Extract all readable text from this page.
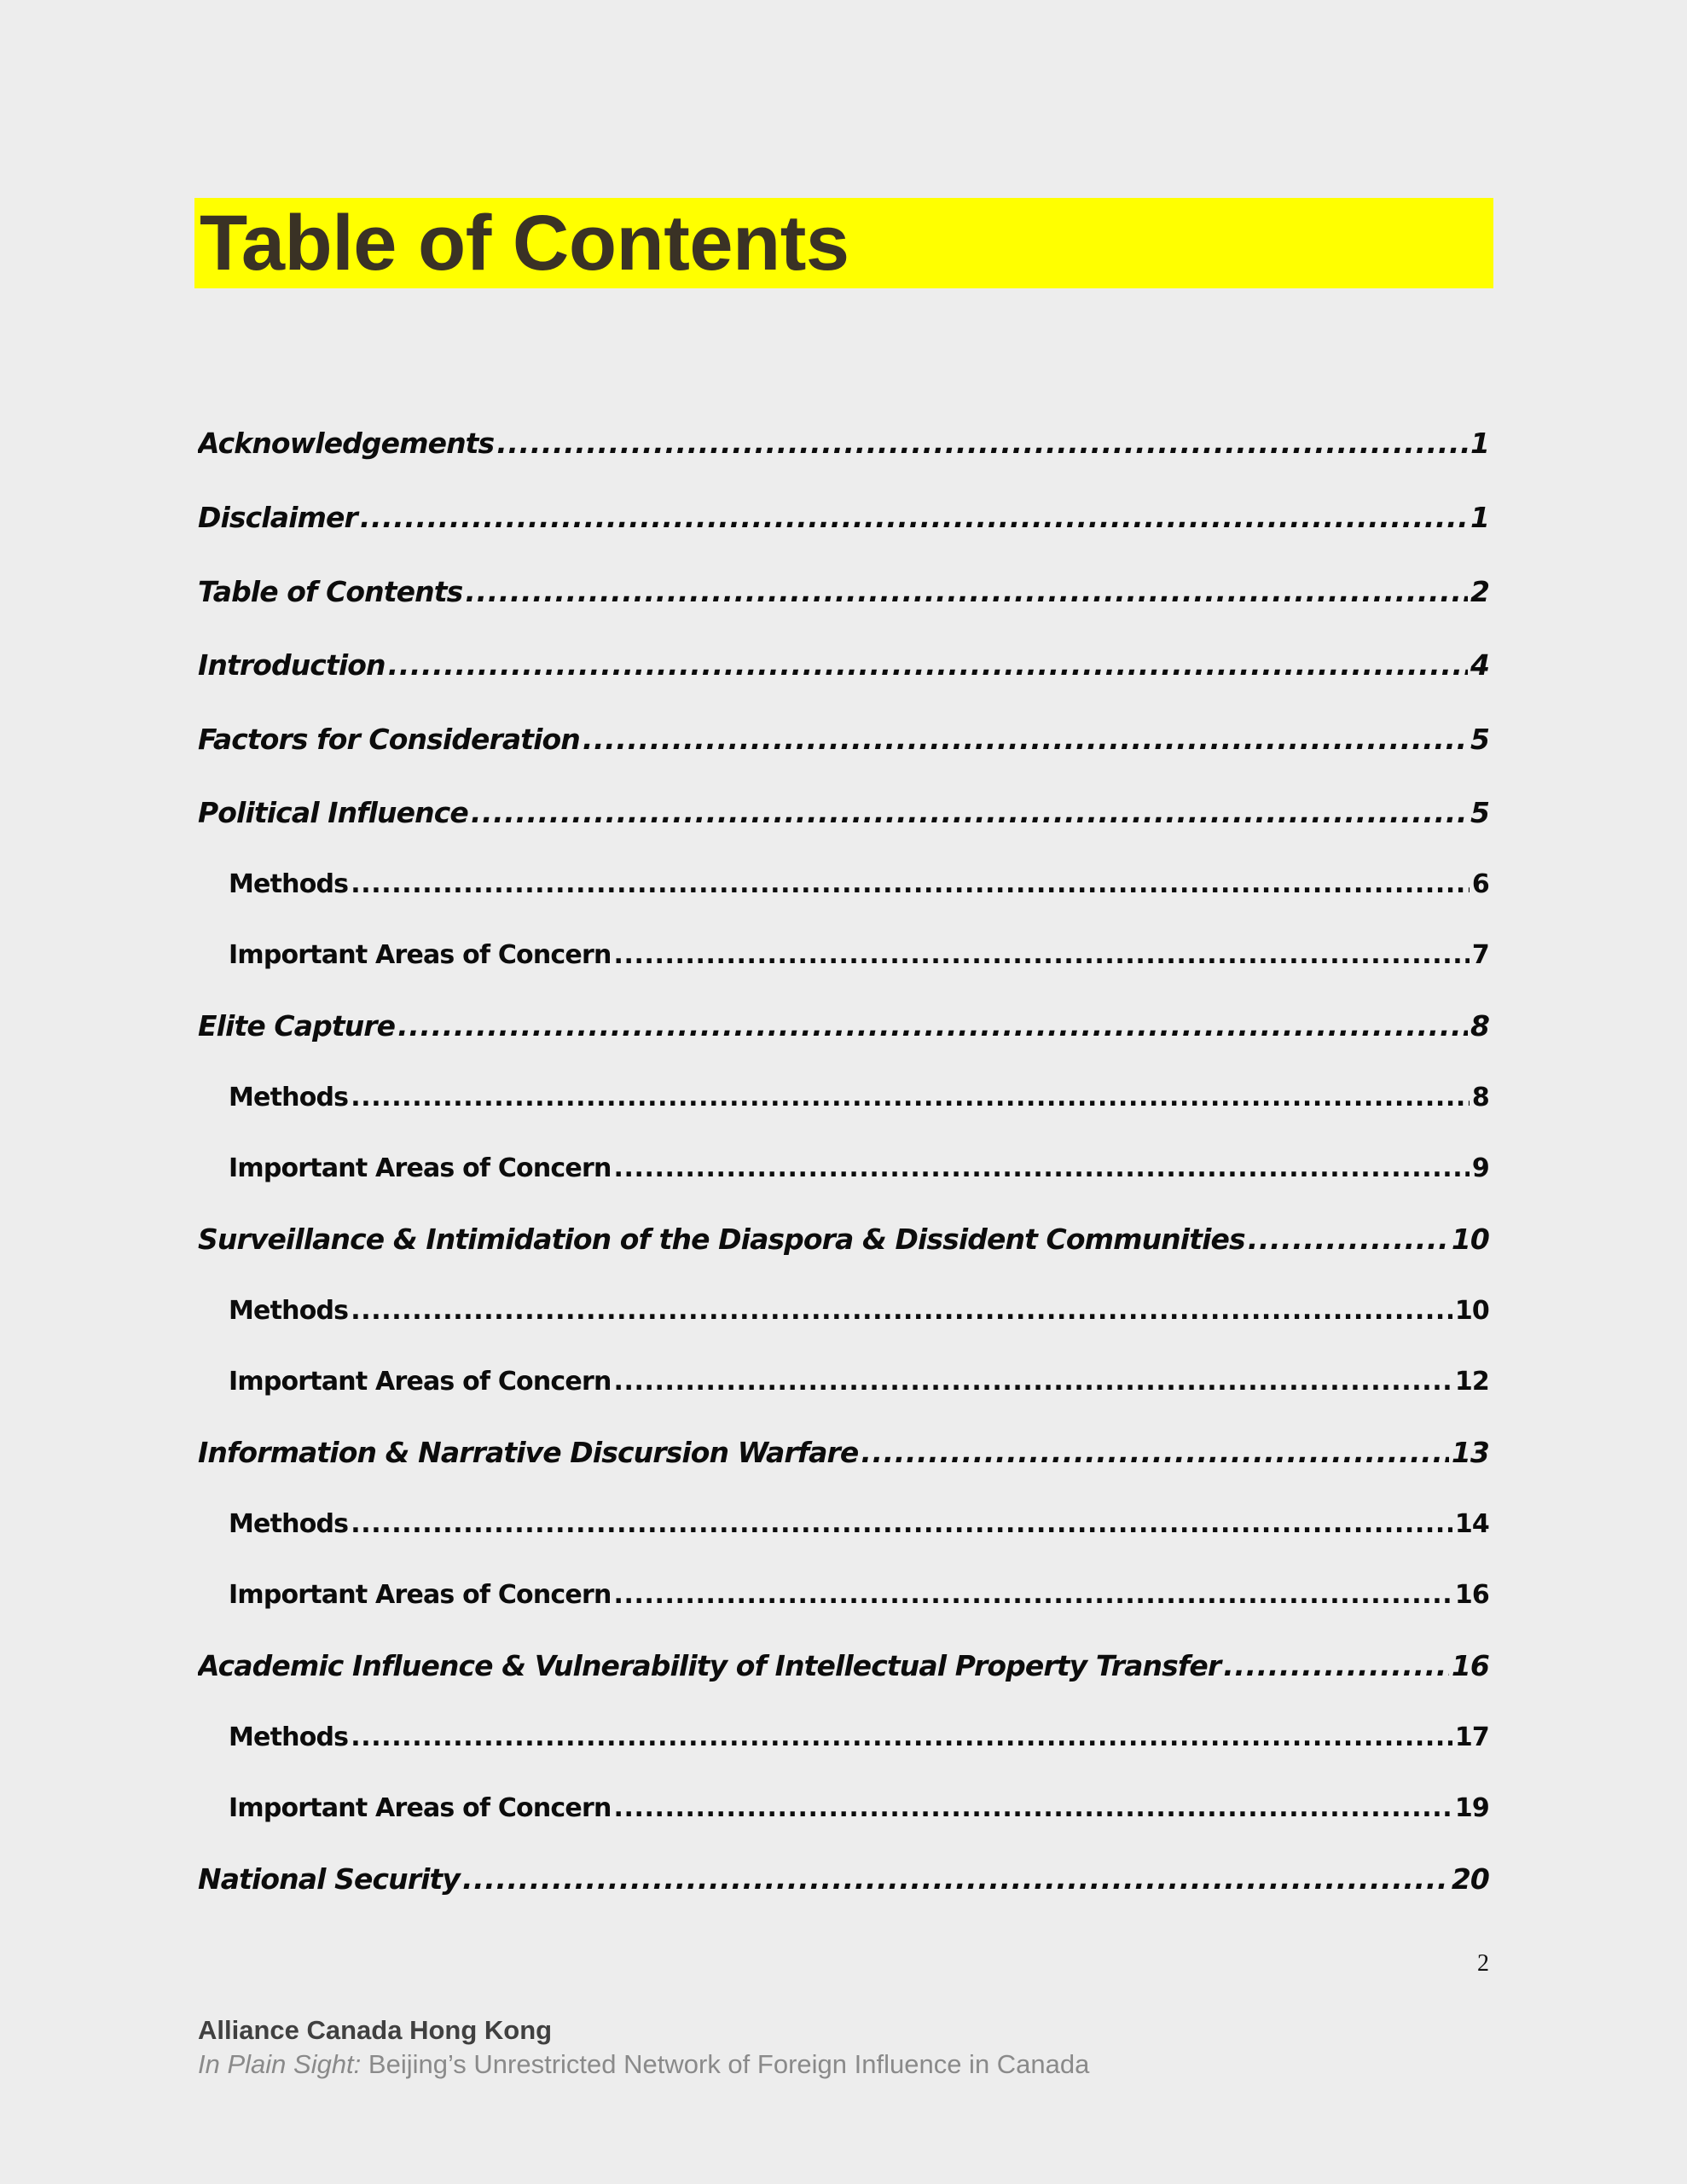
Table of Contents
Acknowledgements .....	1
Disclaimer .....	1
Table of Contents .....	2
Introduction .....	4
Factors for Consideration .....	5
Political Influence .....	5
Methods .....	6
Important Areas of Concern .....	7
Elite Capture .....	8
Methods .....	8
Important Areas of Concern .....	9
Surveillance & Intimidation of the Diaspora & Dissident Communities .....	10
Methods .....	10
Important Areas of Concern .....	12
Information & Narrative Discursion Warfare .....	13
Methods .....	14
Important Areas of Concern .....	16
Academic Influence & Vulnerability of Intellectual Property Transfer .....	16
Methods .....	17
Important Areas of Concern .....	19
National Security .....	20
2
Alliance Canada Hong Kong
In Plain Sight: Beijing’s Unrestricted Network of Foreign Influence in Canada
